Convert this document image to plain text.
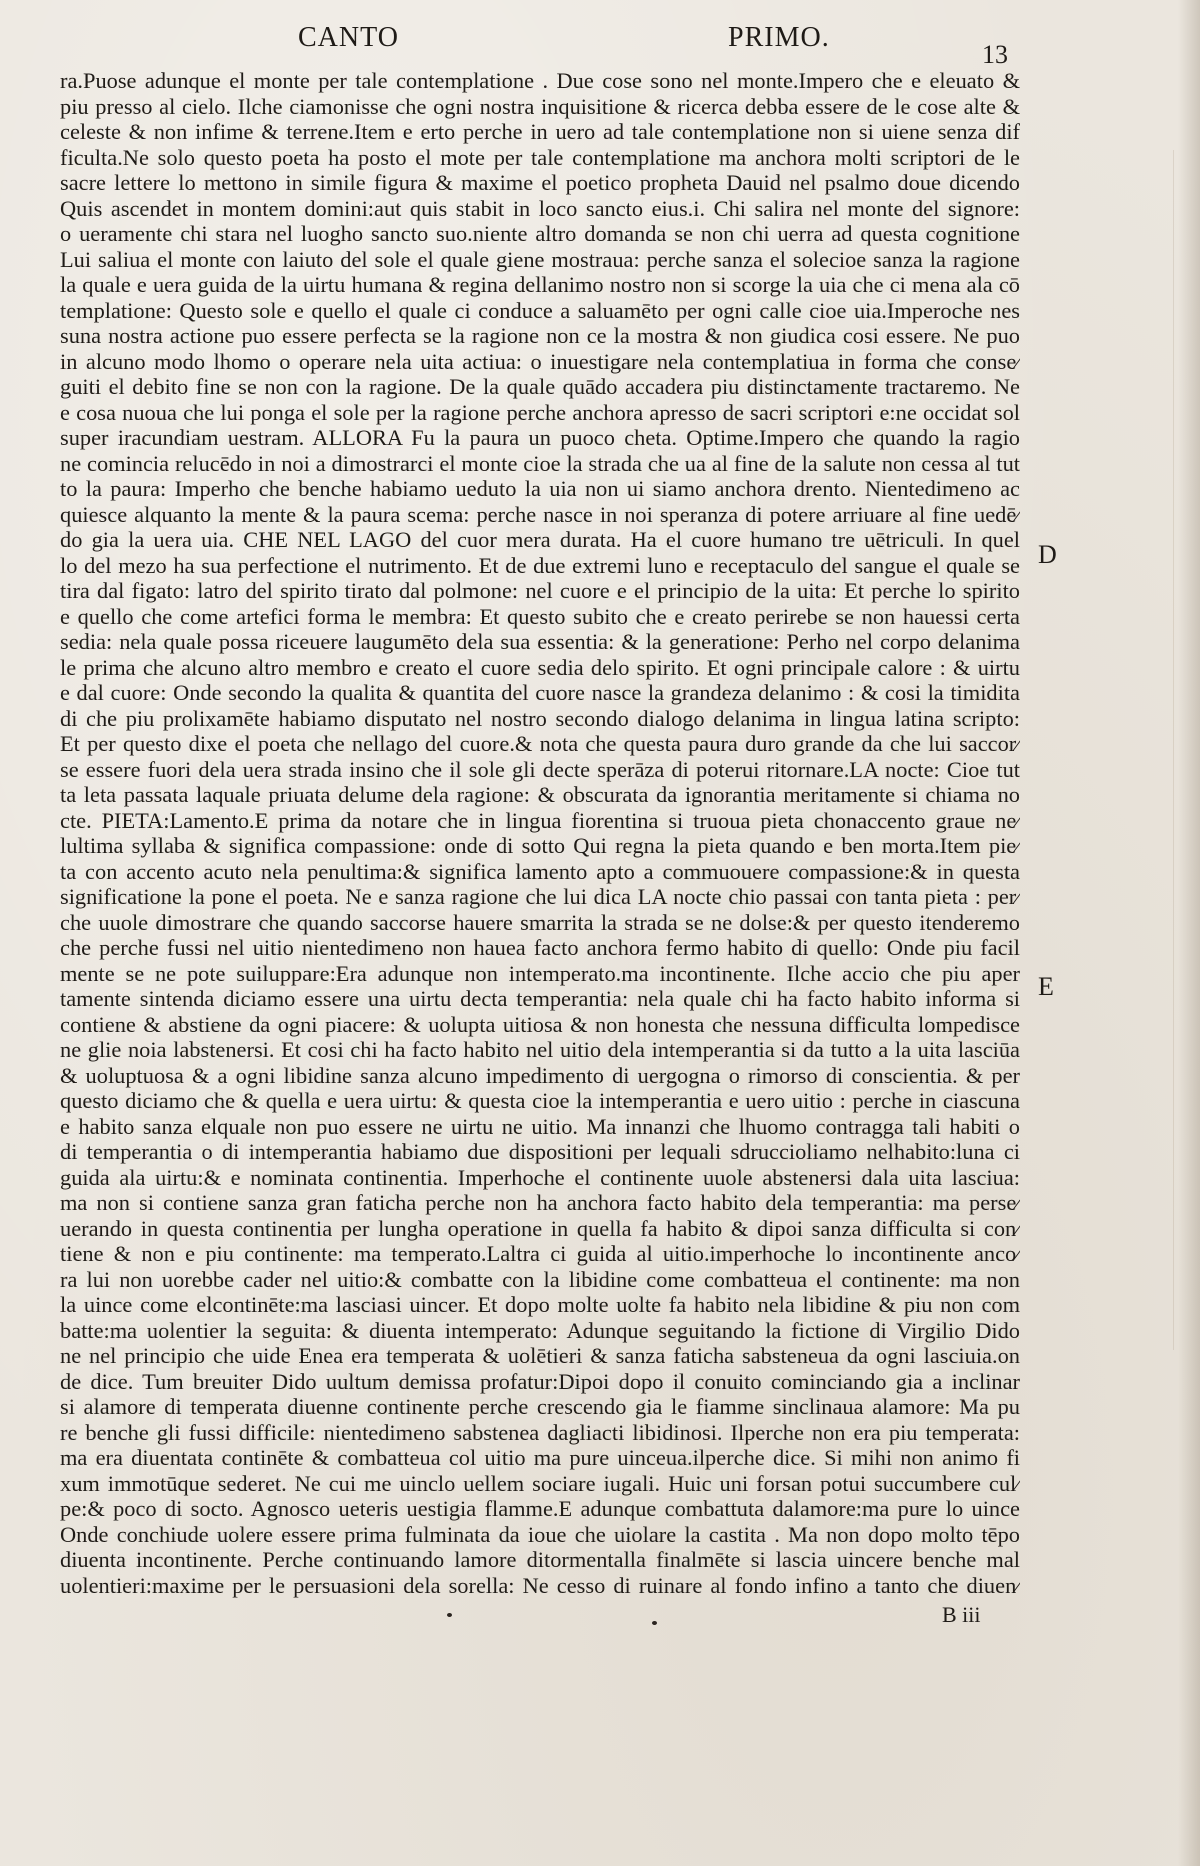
CANTO	PRIMO.
13
ra.Puose adunque el monte per tale contemplatione . Due cose sono nel monte.Impero che e eleuato &
piu presso al cielo. Ilche ciamonisse che ogni nostra inquisitione & ricerca debba essere de le cose alte &
celeste & non infime & terrene.Item e erto perche in uero ad tale contemplatione non si uiene senza dif
ficulta.Ne solo questo poeta ha posto el mote per tale contemplatione ma anchora molti scriptori de le
sacre lettere lo mettono in simile figura & maxime el poetico propheta Dauid nel psalmo doue dicendo
Quis ascendet in montem domini:aut quis stabit in loco sancto eius.i. Chi salira nel monte del signore:
o ueramente chi stara nel luogho sancto suo.niente altro domanda se non chi uerra ad questa cognitione
Lui saliua el monte con laiuto del sole el quale giene mostraua: perche sanza el solecioe sanza la ragione
la quale e uera guida de la uirtu humana & regina dellanimo nostro non si scorge la uia che ci mena ala cō
templatione: Questo sole e quello el quale ci conduce a saluamēto per ogni calle cioe uia.Imperoche nes
suna nostra actione puo essere perfecta se la ragione non ce la mostra & non giudica cosi essere. Ne puo
in alcuno modo lhomo o operare nela uita actiua: o inuestigare nela contemplatiua in forma che conse⁄
guiti el debito fine se non con la ragione. De la quale quādo accadera piu distinctamente tractaremo. Ne
e cosa nuoua che lui ponga el sole per la ragione perche anchora apresso de sacri scriptori e:ne occidat sol
super iracundiam uestram. ALLORA Fu la paura un puoco cheta. Optime.Impero che quando la ragio
ne comincia relucēdo in noi a dimostrarci el monte cioe la strada che ua al fine de la salute non cessa al tut
to la paura: Imperho che benche habiamo ueduto la uia non ui siamo anchora drento. Nientedimeno ac
quiesce alquanto la mente & la paura scema: perche nasce in noi speranza di potere arriuare al fine uedē⁄
do gia la uera uia. CHE NEL LAGO del cuor mera durata. Ha el cuore humano tre uētriculi. In quel
lo del mezo ha sua perfectione el nutrimento. Et de due extremi luno e receptaculo del sangue el quale se
tira dal figato: latro del spirito tirato dal polmone: nel cuore e el principio de la uita: Et perche lo spirito
e quello che come artefici forma le membra: Et questo subito che e creato perirebe se non hauessi certa
sedia: nela quale possa riceuere laugumēto dela sua essentia: & la generatione: Perho nel corpo delanima
le prima che alcuno altro membro e creato el cuore sedia delo spirito. Et ogni principale calore : & uirtu
e dal cuore: Onde secondo la qualita & quantita del cuore nasce la grandeza delanimo : & cosi la timidita
di che piu prolixamēte habiamo disputato nel nostro secondo dialogo delanima in lingua latina scripto:
Et per questo dixe el poeta che nellago del cuore.& nota che questa paura duro grande da che lui saccor⁄
se essere fuori dela uera strada insino che il sole gli decte sperāza di poterui ritornare.LA nocte: Cioe tut
ta leta passata laquale priuata delume dela ragione: & obscurata da ignorantia meritamente si chiama no
cte. PIETA:Lamento.E prima da notare che in lingua fiorentina si truoua pieta chonaccento graue ne⁄
lultima syllaba & significa compassione: onde di sotto Qui regna la pieta quando e ben morta.Item pie⁄
ta con accento acuto nela penultima:& significa lamento apto a commuouere compassione:& in questa
significatione la pone el poeta. Ne e sanza ragione che lui dica LA nocte chio passai con tanta pieta : per⁄
che uuole dimostrare che quando saccorse hauere smarrita la strada se ne dolse:& per questo itenderemo
che perche fussi nel uitio nientedimeno non hauea facto anchora fermo habito di quello: Onde piu facil
mente se ne pote suiluppare:Era adunque non intemperato.ma incontinente. Ilche accio che piu aper
tamente sintenda diciamo essere una uirtu decta temperantia: nela quale chi ha facto habito informa si
contiene & abstiene da ogni piacere: & uolupta uitiosa & non honesta che nessuna difficulta lompedisce
ne glie noia labstenersi. Et cosi chi ha facto habito nel uitio dela intemperantia si da tutto a la uita lasciūa
& uoluptuosa & a ogni libidine sanza alcuno impedimento di uergogna o rimorso di conscientia. & per
questo diciamo che & quella e uera uirtu: & questa cioe la intemperantia e uero uitio : perche in ciascuna
e habito sanza elquale non puo essere ne uirtu ne uitio. Ma innanzi che lhuomo contragga tali habiti o
di temperantia o di intemperantia habiamo due dispositioni per lequali sdruccioliamo nelhabito:luna ci
guida ala uirtu:& e nominata continentia. Imperhoche el continente uuole abstenersi dala uita lasciua:
ma non si contiene sanza gran faticha perche non ha anchora facto habito dela temperantia: ma perse⁄
uerando in questa continentia per lungha operatione in quella fa habito & dipoi sanza difficulta si con⁄
tiene & non e piu continente: ma temperato.Laltra ci guida al uitio.imperhoche lo incontinente anco⁄
ra lui non uorebbe cader nel uitio:& combatte con la libidine come combatteua el continente: ma non
la uince come elcontinēte:ma lasciasi uincer. Et dopo molte uolte fa habito nela libidine & piu non com
batte:ma uolentier la seguita: & diuenta intemperato: Adunque seguitando la fictione di Virgilio Dido
ne nel principio che uide Enea era temperata & uolētieri & sanza faticha sabsteneua da ogni lasciuia.on
de dice. Tum breuiter Dido uultum demissa profatur:Dipoi dopo il conuito cominciando gia a inclinar
si alamore di temperata diuenne continente perche crescendo gia le fiamme sinclinaua alamore: Ma pu
re benche gli fussi difficile: nientedimeno sabstenea dagliacti libidinosi. Ilperche non era piu temperata:
ma era diuentata continēte & combatteua col uitio ma pure uinceua.ilperche dice. Si mihi non animo fi
xum immotūque sederet. Ne cui me uinclo uellem sociare iugali. Huic uni forsan potui succumbere cul⁄
pe:& poco di socto. Agnosco ueteris uestigia flamme.E adunque combattuta dalamore:ma pure lo uince
Onde conchiude uolere essere prima fulminata da ioue che uiolare la castita . Ma non dopo molto tēpo
diuenta incontinente. Perche continuando lamore ditormentalla finalmēte si lascia uincere benche mal
uolentieri:maxime per le persuasioni dela sorella: Ne cesso di ruinare al fondo infino a tanto che diuen⁄
D
E
B iii
